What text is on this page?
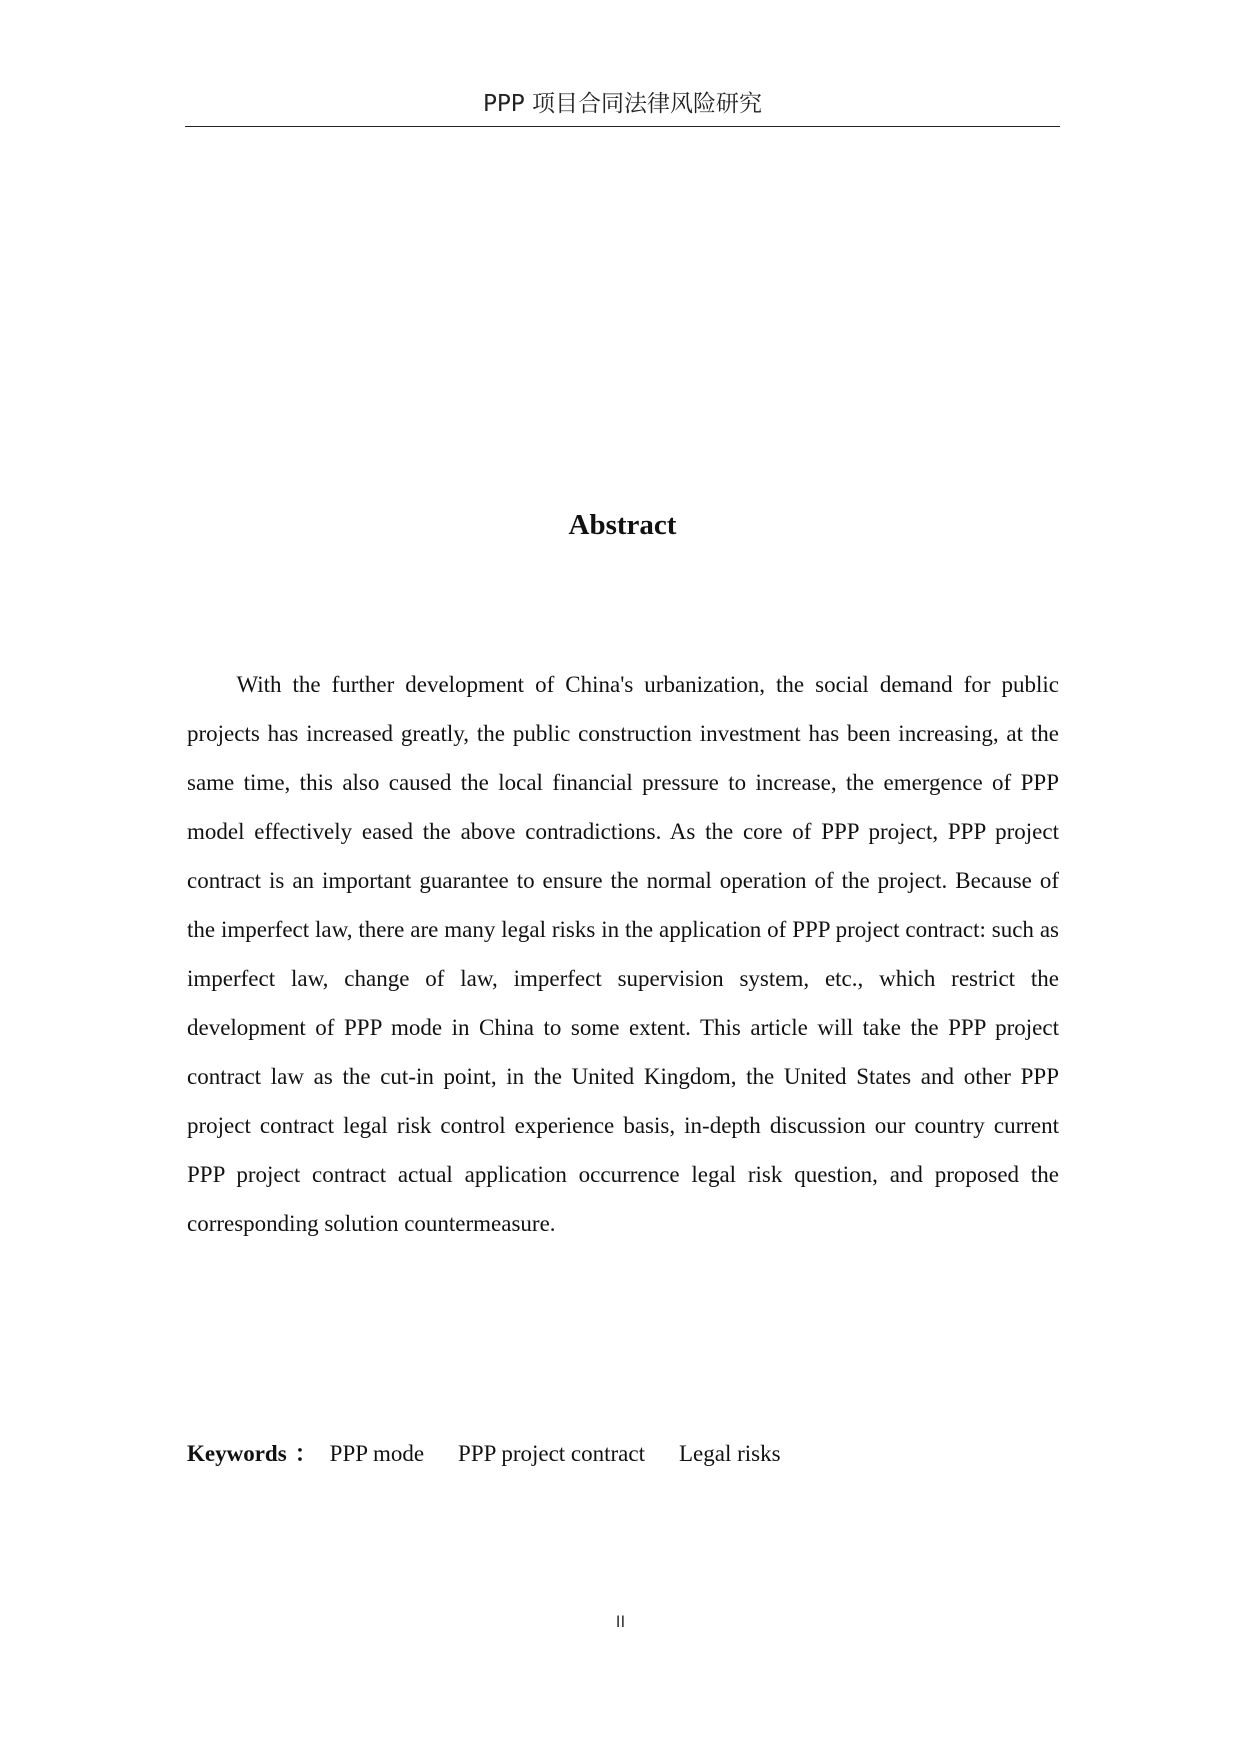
PPP 项目合同法律风险研究
Abstract

With the further development of China's urbanization, the social demand for public projects has increased greatly, the public construction investment has been increasing, at the same time, this also caused the local financial pressure to increase, the emergence of PPP model effectively eased the above contradictions. As the core of PPP project, PPP project contract is an important guarantee to ensure the normal operation of the project. Because of the imperfect law, there are many legal risks in the application of PPP project contract: such as imperfect law, change of law, imperfect supervision system, etc., which restrict the development of PPP mode in China to some extent. This article will take the PPP project contract law as the cut-in point, in the United Kingdom, the United States and other PPP project contract legal risk control experience basis, in-depth discussion our country current PPP project contract actual application occurrence legal risk question, and proposed the corresponding solution countermeasure.

Keywords ： PPP mode PPP project contract Legal risks
II
